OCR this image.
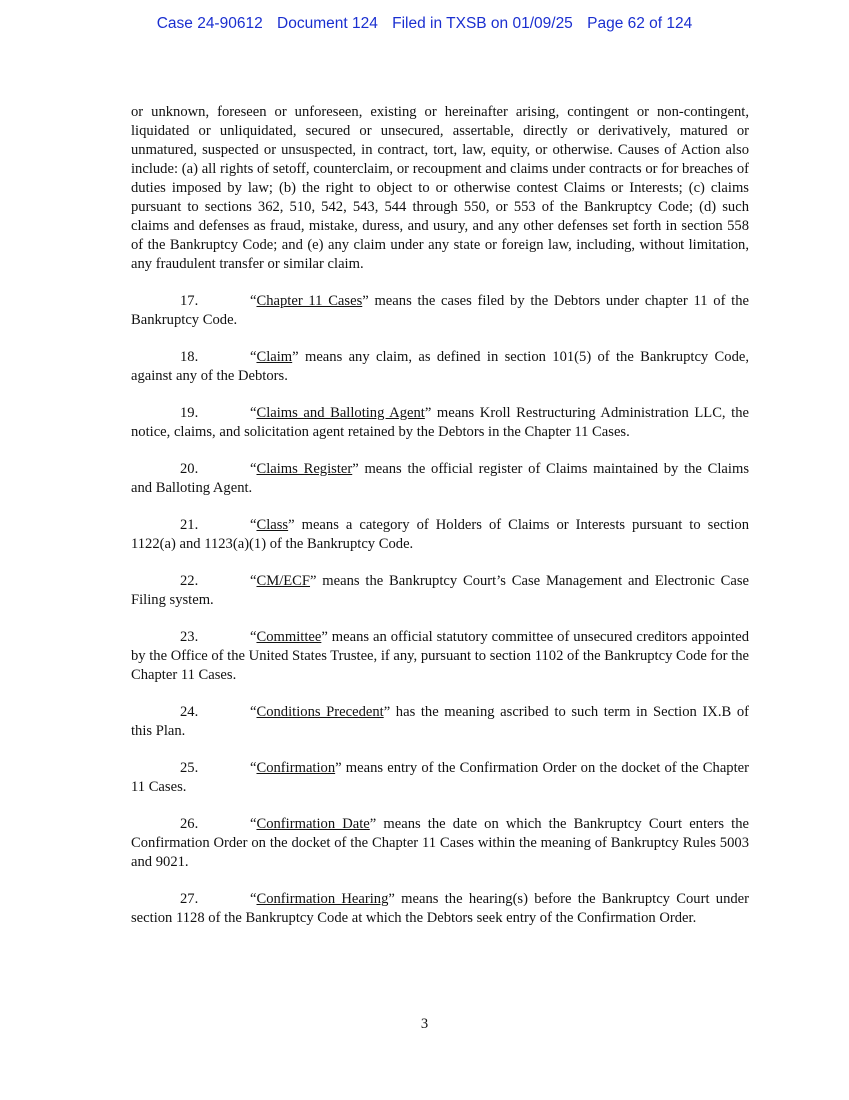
Case 24-90612 Document 124 Filed in TXSB on 01/09/25 Page 62 of 124

or unknown, foreseen or unforeseen, existing or hereinafter arising, contingent or non-contingent, liquidated or unliquidated, secured or unsecured, assertable, directly or derivatively, matured or unmatured, suspected or unsuspected, in contract, tort, law, equity, or otherwise. Causes of Action also include: (a) all rights of setoff, counterclaim, or recoupment and claims under contracts or for breaches of duties imposed by law; (b) the right to object to or otherwise contest Claims or Interests; (c) claims pursuant to sections 362, 510, 542, 543, 544 through 550, or 553 of the Bankruptcy Code; (d) such claims and defenses as fraud, mistake, duress, and usury, and any other defenses set forth in section 558 of the Bankruptcy Code; and (e) any claim under any state or foreign law, including, without limitation, any fraudulent transfer or similar claim.

17.	“Chapter 11 Cases” means the cases filed by the Debtors under chapter 11 of the Bankruptcy Code.

18.	“Claim” means any claim, as defined in section 101(5) of the Bankruptcy Code, against any of the Debtors.

19.	“Claims and Balloting Agent” means Kroll Restructuring Administration LLC, the notice, claims, and solicitation agent retained by the Debtors in the Chapter 11 Cases.

20.	“Claims Register” means the official register of Claims maintained by the Claims and Balloting Agent.

21.	“Class” means a category of Holders of Claims or Interests pursuant to section 1122(a) and 1123(a)(1) of the Bankruptcy Code.

22.	“CM/ECF” means the Bankruptcy Court’s Case Management and Electronic Case Filing system.

23.	“Committee” means an official statutory committee of unsecured creditors appointed by the Office of the United States Trustee, if any, pursuant to section 1102 of the Bankruptcy Code for the Chapter 11 Cases.

24.	“Conditions Precedent” has the meaning ascribed to such term in Section IX.B of this Plan.

25.	“Confirmation” means entry of the Confirmation Order on the docket of the Chapter 11 Cases.

26.	“Confirmation Date” means the date on which the Bankruptcy Court enters the Confirmation Order on the docket of the Chapter 11 Cases within the meaning of Bankruptcy Rules 5003 and 9021.

27.	“Confirmation Hearing” means the hearing(s) before the Bankruptcy Court under section 1128 of the Bankruptcy Code at which the Debtors seek entry of the Confirmation Order.

3
